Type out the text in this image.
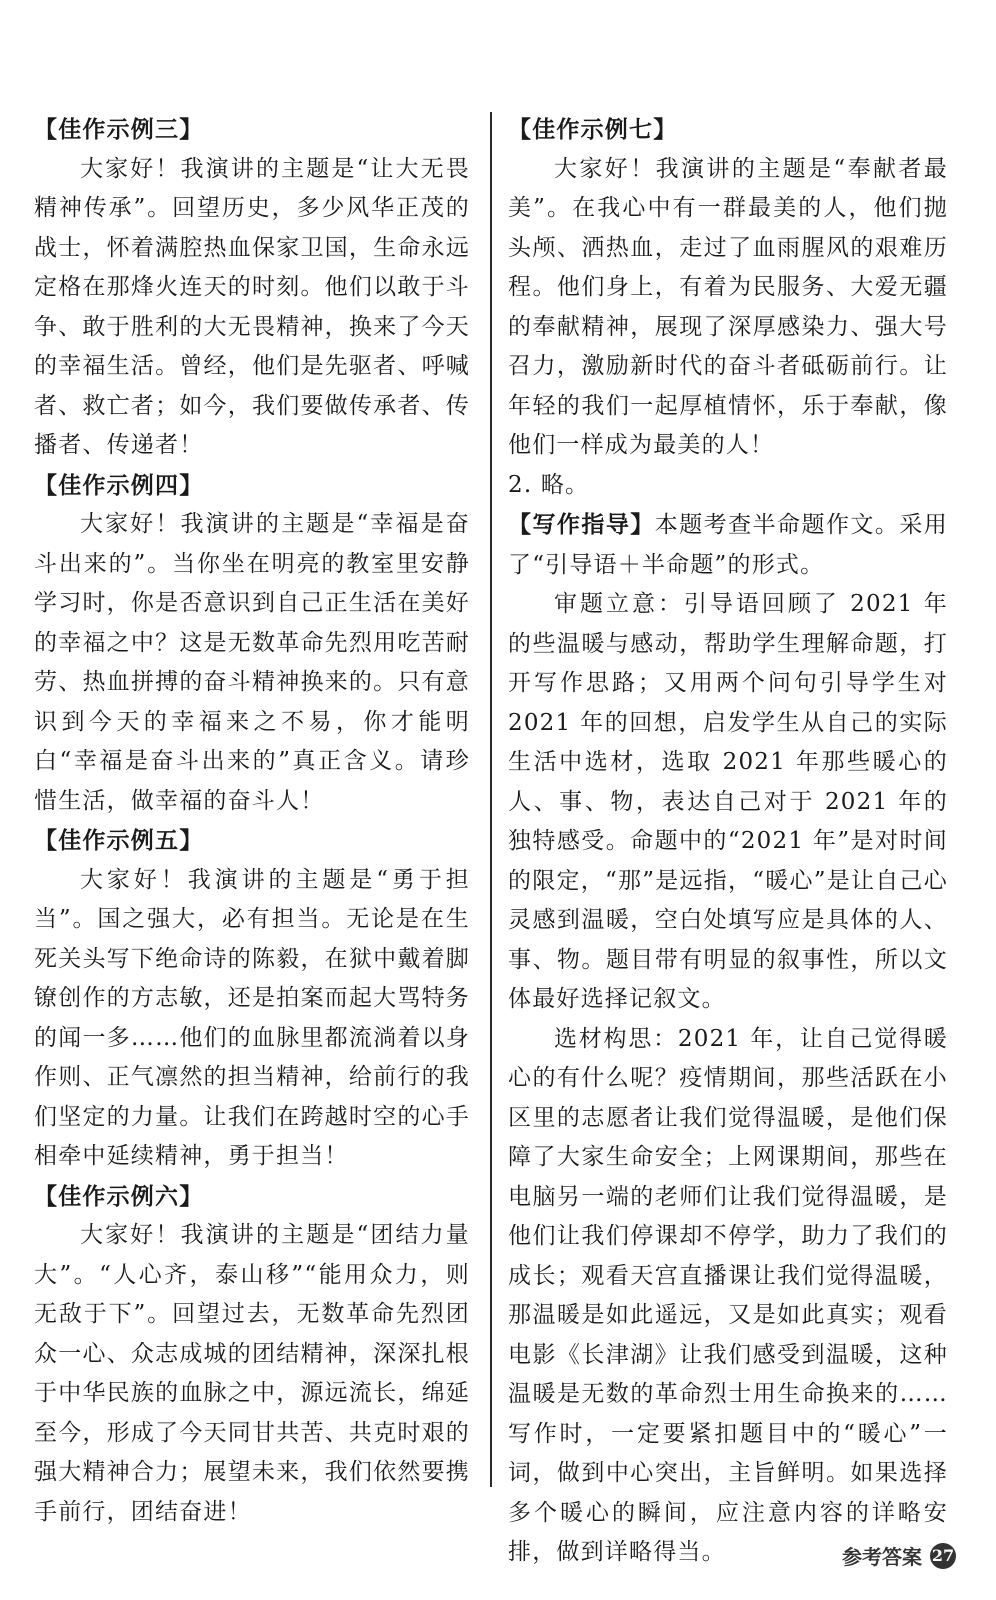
【佳作示例三】

大家好！我演讲的主题是“让大无畏精神传承”。回望历史，多少风华正茂的战士，怀着满腔热血保家卫国，生命永远定格在那烽火连天的时刻。他们以敢于斗争、敢于胜利的大无畏精神，换来了今天的幸福生活。曾经，他们是先驱者、呼喊者、救亡者；如今，我们要做传承者、传播者、传递者！

【佳作示例四】

大家好！我演讲的主题是“幸福是奋斗出来的”。当你坐在明亮的教室里安静学习时，你是否意识到自己正生活在美好的幸福之中？这是无数革命先烈用吃苦耐劳、热血拼搏的奋斗精神换来的。只有意识到今天的幸福来之不易，你才能明白“幸福是奋斗出来的”真正含义。请珍惜生活，做幸福的奋斗人！

【佳作示例五】

大家好！我演讲的主题是“勇于担当”。国之强大，必有担当。无论是在生死关头写下绝命诗的陈毅，在狱中戴着脚镣创作的方志敏，还是拍案而起大骂特务的闻一多……他们的血脉里都流淌着以身作则、正气凛然的担当精神，给前行的我们坚定的力量。让我们在跨越时空的心手相牵中延续精神，勇于担当！

【佳作示例六】

大家好！我演讲的主题是“团结力量大”。“人心齐，泰山移”“能用众力，则无敌于下”。回望过去，无数革命先烈团众一心、众志成城的团结精神，深深扎根于中华民族的血脉之中，源远流长，绵延至今，形成了今天同甘共苦、共克时艰的强大精神合力；展望未来，我们依然要携手前行，团结奋进！

【佳作示例七】

大家好！我演讲的主题是“奉献者最美”。在我心中有一群最美的人，他们抛头颅、洒热血，走过了血雨腥风的艰难历程。他们身上，有着为民服务、大爱无疆的奉献精神，展现了深厚感染力、强大号召力，激励新时代的奋斗者砥砺前行。让年轻的我们一起厚植情怀，乐于奉献，像他们一样成为最美的人！

2. 略。

【写作指导】本题考查半命题作文。采用了“引导语＋半命题”的形式。

审题立意：引导语回顾了 2021 年的些温暖与感动，帮助学生理解命题，打开写作思路；又用两个问句引导学生对 2021 年的回想，启发学生从自己的实际生活中选材，选取 2021 年那些暖心的人、事、物，表达自己对于 2021 年的独特感受。命题中的“2021 年”是对时间的限定，“那”是远指，“暖心”是让自己心灵感到温暖，空白处填写应是具体的人、事、物。题目带有明显的叙事性，所以文体最好选择记叙文。

选材构思：2021 年，让自己觉得暖心的有什么呢？疫情期间，那些活跃在小区里的志愿者让我们觉得温暖，是他们保障了大家生命安全；上网课期间，那些在电脑另一端的老师们让我们觉得温暖，是他们让我们停课却不停学，助力了我们的成长；观看天宫直播课让我们觉得温暖，那温暖是如此遥远，又是如此真实；观看电影《长津湖》让我们感受到温暖，这种温暖是无数的革命烈士用生命换来的……写作时，一定要紧扣题目中的“暖心”一词，做到中心突出，主旨鲜明。如果选择多个暖心的瞬间，应注意内容的详略安排，做到详略得当。	参考答案 27
